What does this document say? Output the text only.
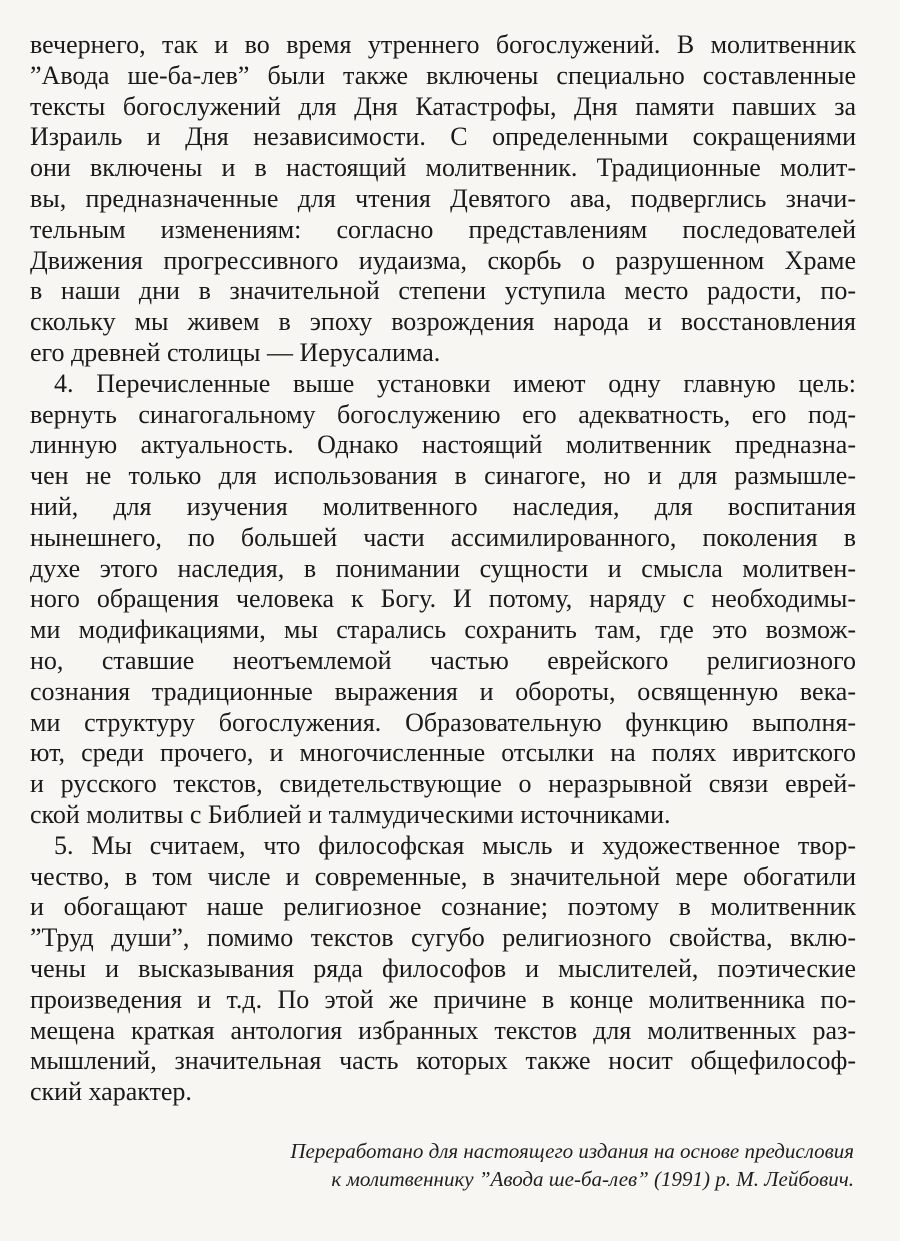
вечернего, так и во время утреннего богослужений. В молитвенник
”Авода ше-ба-лев” были также включены специально составленные
тексты богослужений для Дня Катастрофы, Дня памяти павших за
Израиль и Дня независимости. С определенными сокращениями
они включены и в настоящий молитвенник. Традиционные молит-
вы, предназначенные для чтения Девятого ава, подверглись значи-
тельным изменениям: согласно представлениям последователей
Движения прогрессивного иудаизма, скорбь о разрушенном Храме
в наши дни в значительной степени уступила место радости, по-
скольку мы живем в эпоху возрождения народа и восстановления
его древней столицы — Иерусалима.
4. Перечисленные выше установки имеют одну главную цель:
вернуть синагогальному богослужению его адекватность, его под-
линную актуальность. Однако настоящий молитвенник предназна-
чен не только для использования в синагоге, но и для размышле-
ний, для изучения молитвенного наследия, для воспитания
нынешнего, по большей части ассимилированного, поколения в
духе этого наследия, в понимании сущности и смысла молитвен-
ного обращения человека к Богу. И потому, наряду с необходимы-
ми модификациями, мы старались сохранить там, где это возмож-
но, ставшие неотъемлемой частью еврейского религиозного
сознания традиционные выражения и обороты, освященную века-
ми структуру богослужения. Образовательную функцию выполня-
ют, среди прочего, и многочисленные отсылки на полях ивритского
и русского текстов, свидетельствующие о неразрывной связи еврей-
ской молитвы с Библией и талмудическими источниками.
5. Мы считаем, что философская мысль и художественное твор-
чество, в том числе и современные, в значительной мере обогатили
и обогащают наше религиозное сознание; поэтому в молитвенник
”Труд души”, помимо текстов сугубо религиозного свойства, вклю-
чены и высказывания ряда философов и мыслителей, поэтические
произведения и т.д. По этой же причине в конце молитвенника по-
мещена краткая антология избранных текстов для молитвенных раз-
мышлений, значительная часть которых также носит общефилософ-
ский характер.
Переработано для настоящего издания на основе предисловия
к молитвеннику ”Авода ше-ба-лев” (1991) р. М. Лейбович.
